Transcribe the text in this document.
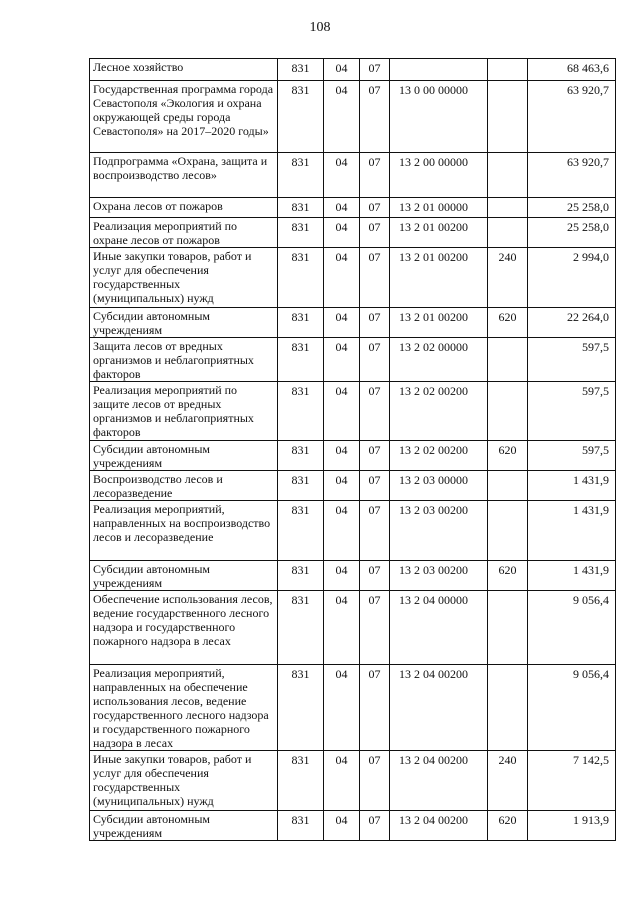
108
Лесное хозяйство	831	04	07			68 463,6
Государственная программа города Севастополя «Экология и охрана окружающей среды города Севастополя» на 2017–2020 годы»	831	04	07	13 0 00 00000		63 920,7
Подпрограмма «Охрана, защита и воспроизводство лесов»	831	04	07	13 2 00 00000		63 920,7
Охрана лесов от пожаров	831	04	07	13 2 01 00000		25 258,0
Реализация мероприятий по охране лесов от пожаров	831	04	07	13 2 01 00200		25 258,0
Иные закупки товаров, работ и услуг для обеспечения государственных (муниципальных) нужд	831	04	07	13 2 01 00200	240	2 994,0
Субсидии автономным учреждениям	831	04	07	13 2 01 00200	620	22 264,0
Защита лесов от вредных организмов и неблагоприятных факторов	831	04	07	13 2 02 00000		597,5
Реализация мероприятий по защите лесов от вредных организмов и неблагоприятных факторов	831	04	07	13 2 02 00200		597,5
Субсидии автономным учреждениям	831	04	07	13 2 02 00200	620	597,5
Воспроизводство лесов и лесоразведение	831	04	07	13 2 03 00000		1 431,9
Реализация мероприятий, направленных на воспроизводство лесов и лесоразведение	831	04	07	13 2 03 00200		1 431,9
Субсидии автономным учреждениям	831	04	07	13 2 03 00200	620	1 431,9
Обеспечение использования лесов, ведение государственного лесного надзора и государственного пожарного надзора в лесах	831	04	07	13 2 04 00000		9 056,4
Реализация мероприятий, направленных на обеспечение использования лесов, ведение государственного лесного надзора и государственного пожарного надзора в лесах	831	04	07	13 2 04 00200		9 056,4
Иные закупки товаров, работ и услуг для обеспечения государственных (муниципальных) нужд	831	04	07	13 2 04 00200	240	7 142,5
Субсидии автономным учреждениям	831	04	07	13 2 04 00200	620	1 913,9
